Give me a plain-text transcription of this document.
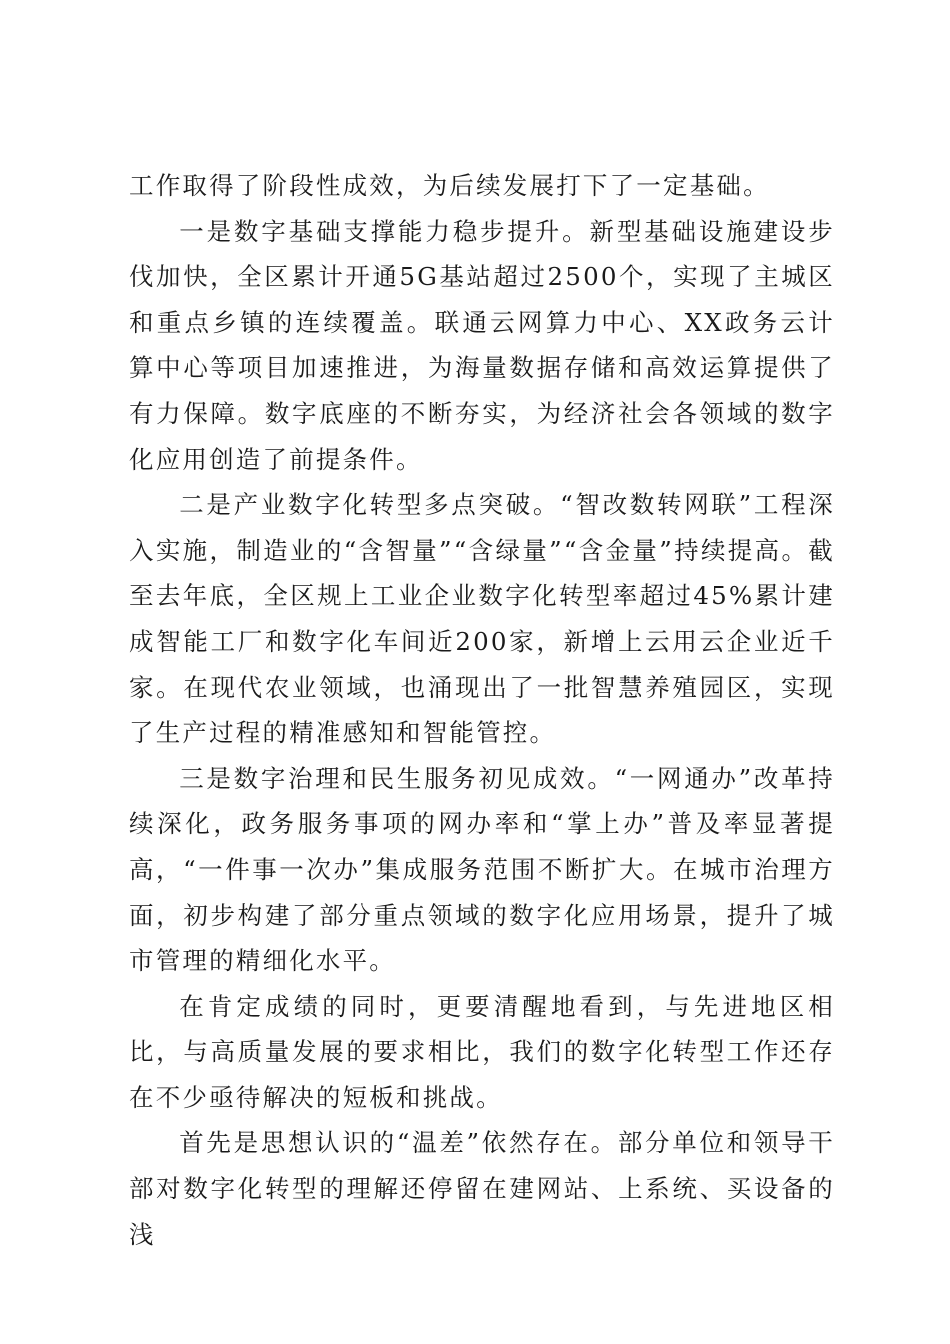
工作取得了阶段性成效，为后续发展打下了一定基础。

一是数字基础支撑能力稳步提升。新型基础设施建设步伐加快，全区累计开通5G基站超过2500个，实现了主城区和重点乡镇的连续覆盖。联通云网算力中心、XX政务云计算中心等项目加速推进，为海量数据存储和高效运算提供了有力保障。数字底座的不断夯实，为经济社会各领域的数字化应用创造了前提条件。

二是产业数字化转型多点突破。“智改数转网联”工程深入实施，制造业的“含智量”“含绿量”“含金量”持续提高。截至去年底，全区规上工业企业数字化转型率超过45%累计建成智能工厂和数字化车间近200家，新增上云用云企业近千家。在现代农业领域，也涌现出了一批智慧养殖园区，实现了生产过程的精准感知和智能管控。

三是数字治理和民生服务初见成效。“一网通办”改革持续深化，政务服务事项的网办率和“掌上办”普及率显著提高，“一件事一次办”集成服务范围不断扩大。在城市治理方面，初步构建了部分重点领域的数字化应用场景，提升了城市管理的精细化水平。

在肯定成绩的同时，更要清醒地看到，与先进地区相比，与高质量发展的要求相比，我们的数字化转型工作还存在不少亟待解决的短板和挑战。

首先是思想认识的“温差”依然存在。部分单位和领导干部对数字化转型的理解还停留在建网站、上系统、买设备的浅
